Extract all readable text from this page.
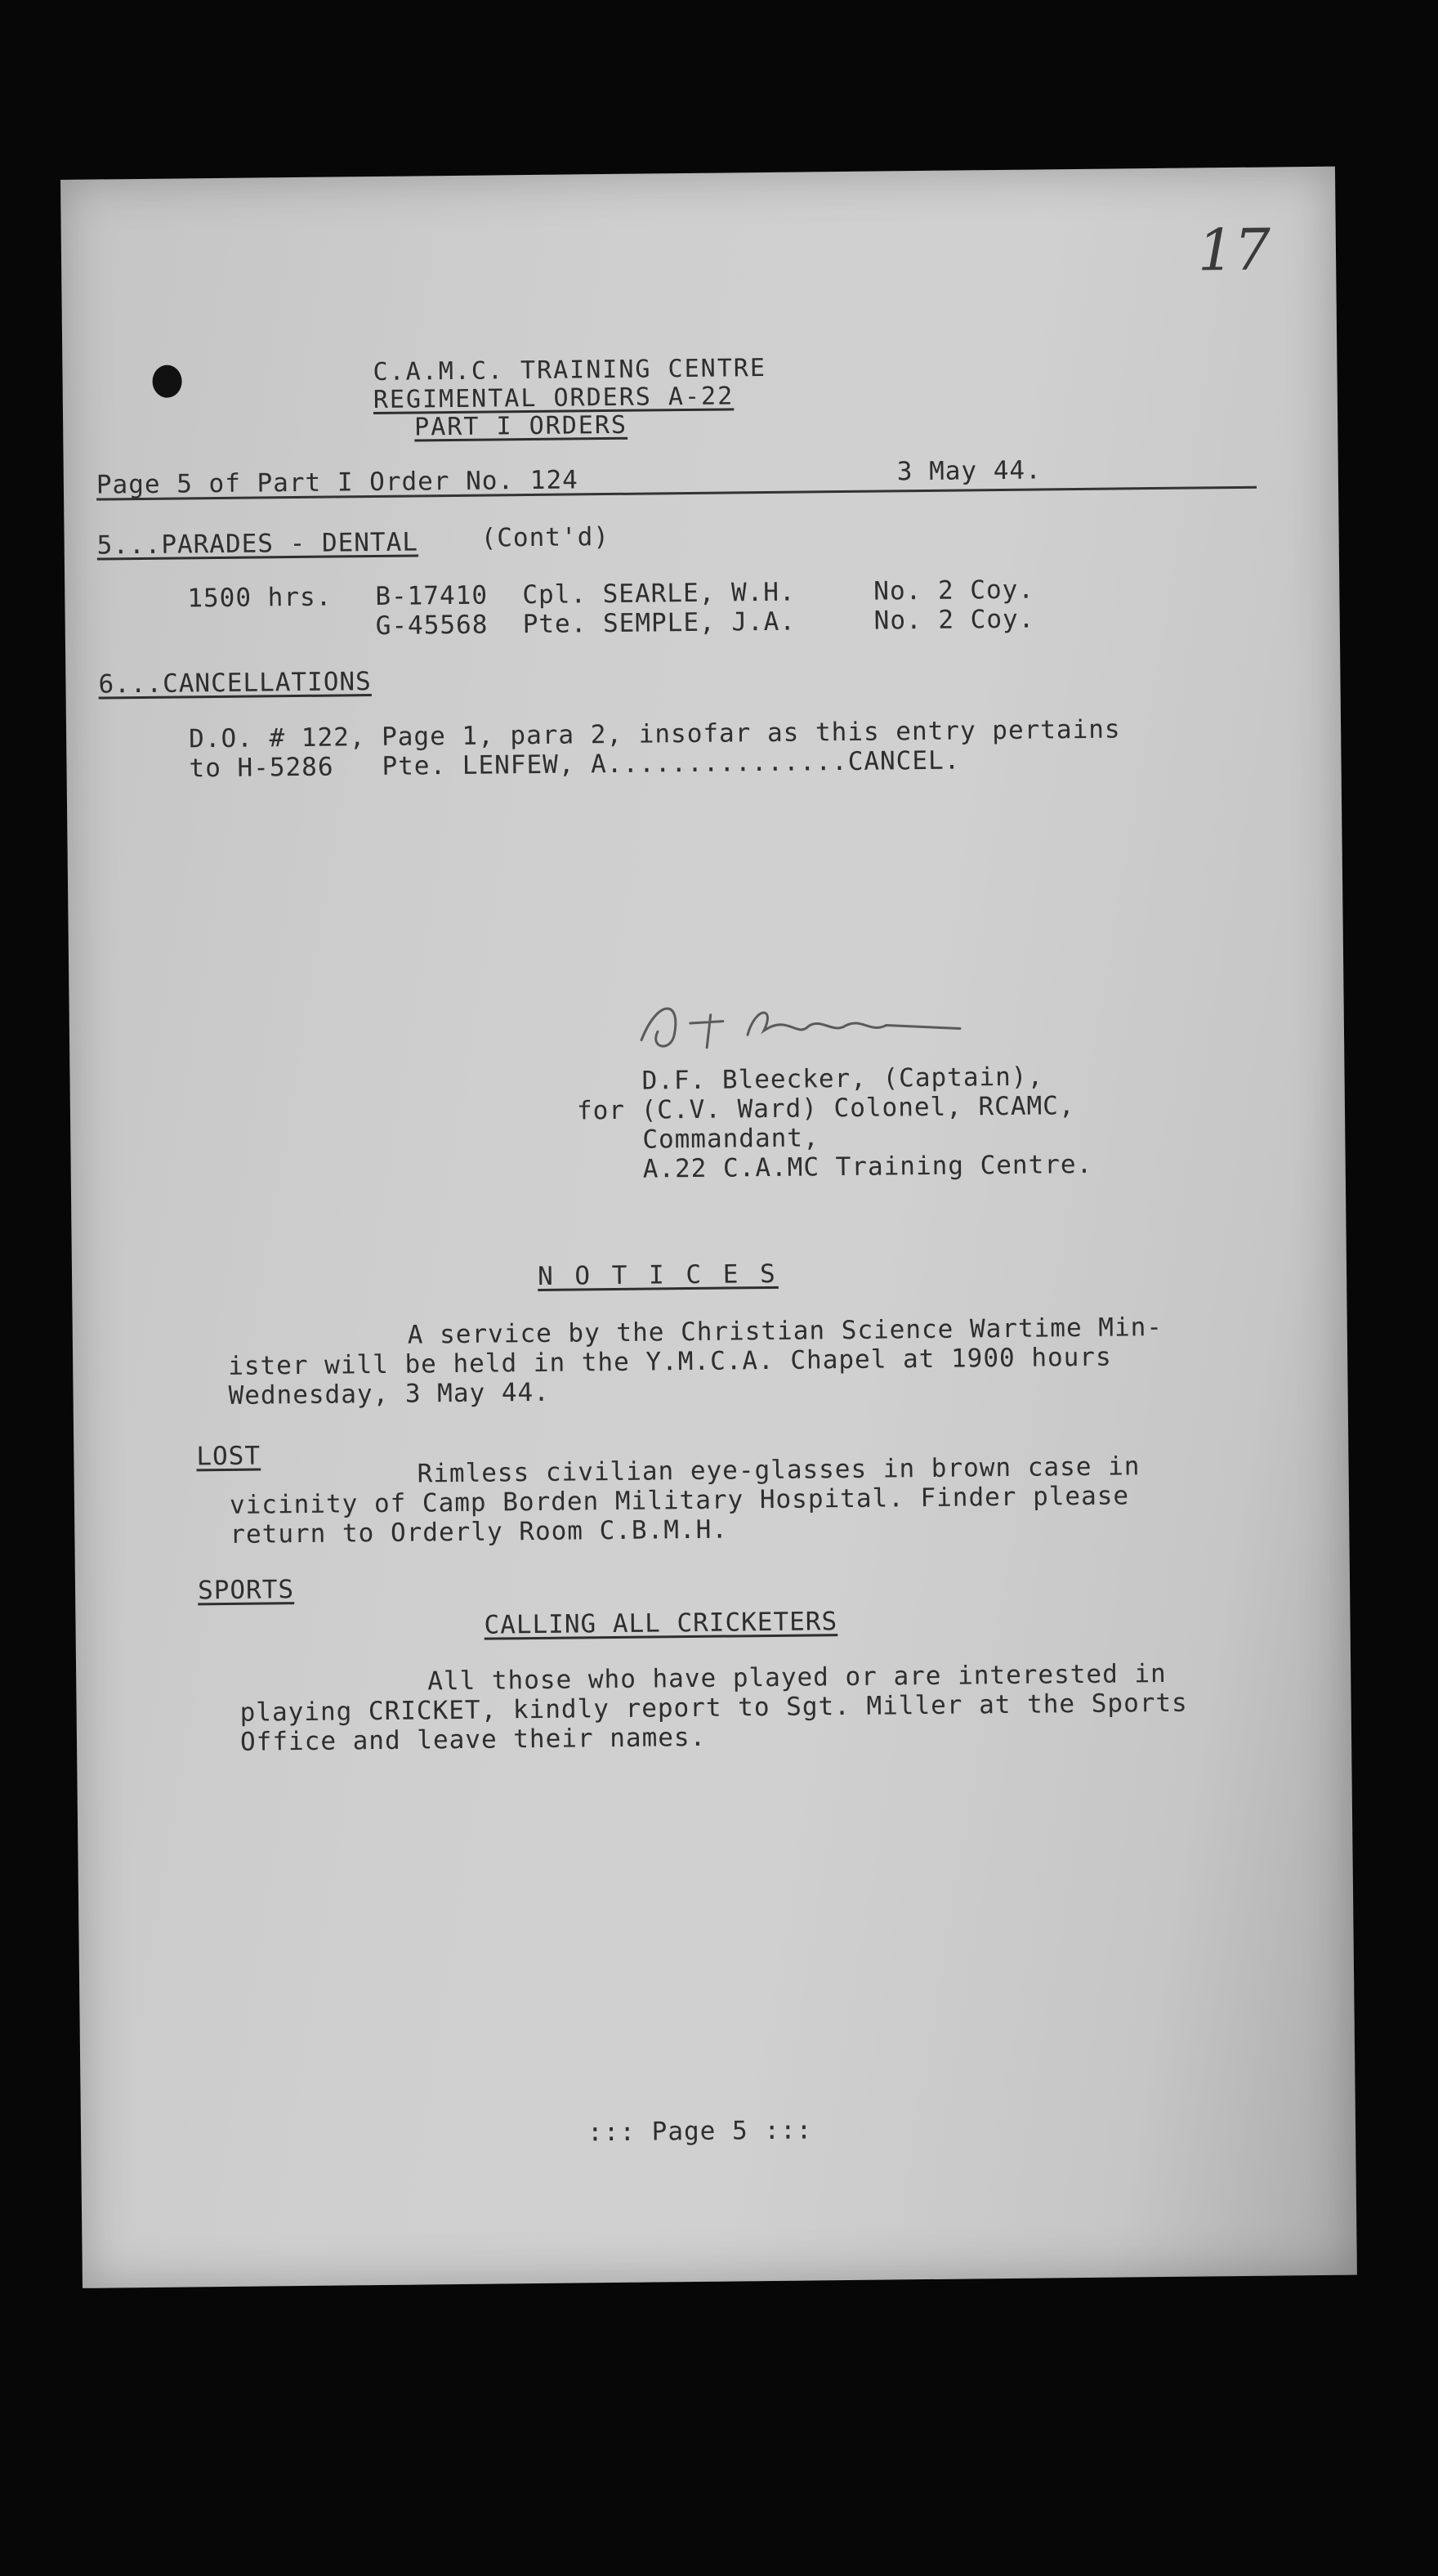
17
C.A.M.C. TRAINING CENTRE
REGIMENTAL ORDERS A-22
PART I ORDERS
Page 5 of Part I Order No. 124	3 May 44.
5...PARADES - DENTAL (Cont'd)
1500 hrs. B-17410 Cpl. SEARLE, W.H.	No. 2 Coy.
G-45568 Pte. SEMPLE, J.A.	No. 2 Coy.
6...CANCELLATIONS
D.O. # 122, Page 1, para 2, insofar as this entry pertains
to H-5286   Pte. LENFEW, A...............CANCEL.
D.F. Bleecker, (Captain),
for (C.V. Ward) Colonel, RCAMC,
Commandant,
A.22 C.A.MC Training Centre.
N O T I C E S
A service by the Christian Science Wartime Min-
ister will be held in the Y.M.C.A. Chapel at 1900 hours
Wednesday, 3 May 44.
LOST	Rimless civilian eye-glasses in brown case in
vicinity of Camp Borden Military Hospital. Finder please
return to Orderly Room C.B.M.H.
SPORTS
CALLING ALL CRICKETERS
All those who have played or are interested in
playing CRICKET, kindly report to Sgt. Miller at the Sports
Office and leave their names.
::: Page 5 :::
